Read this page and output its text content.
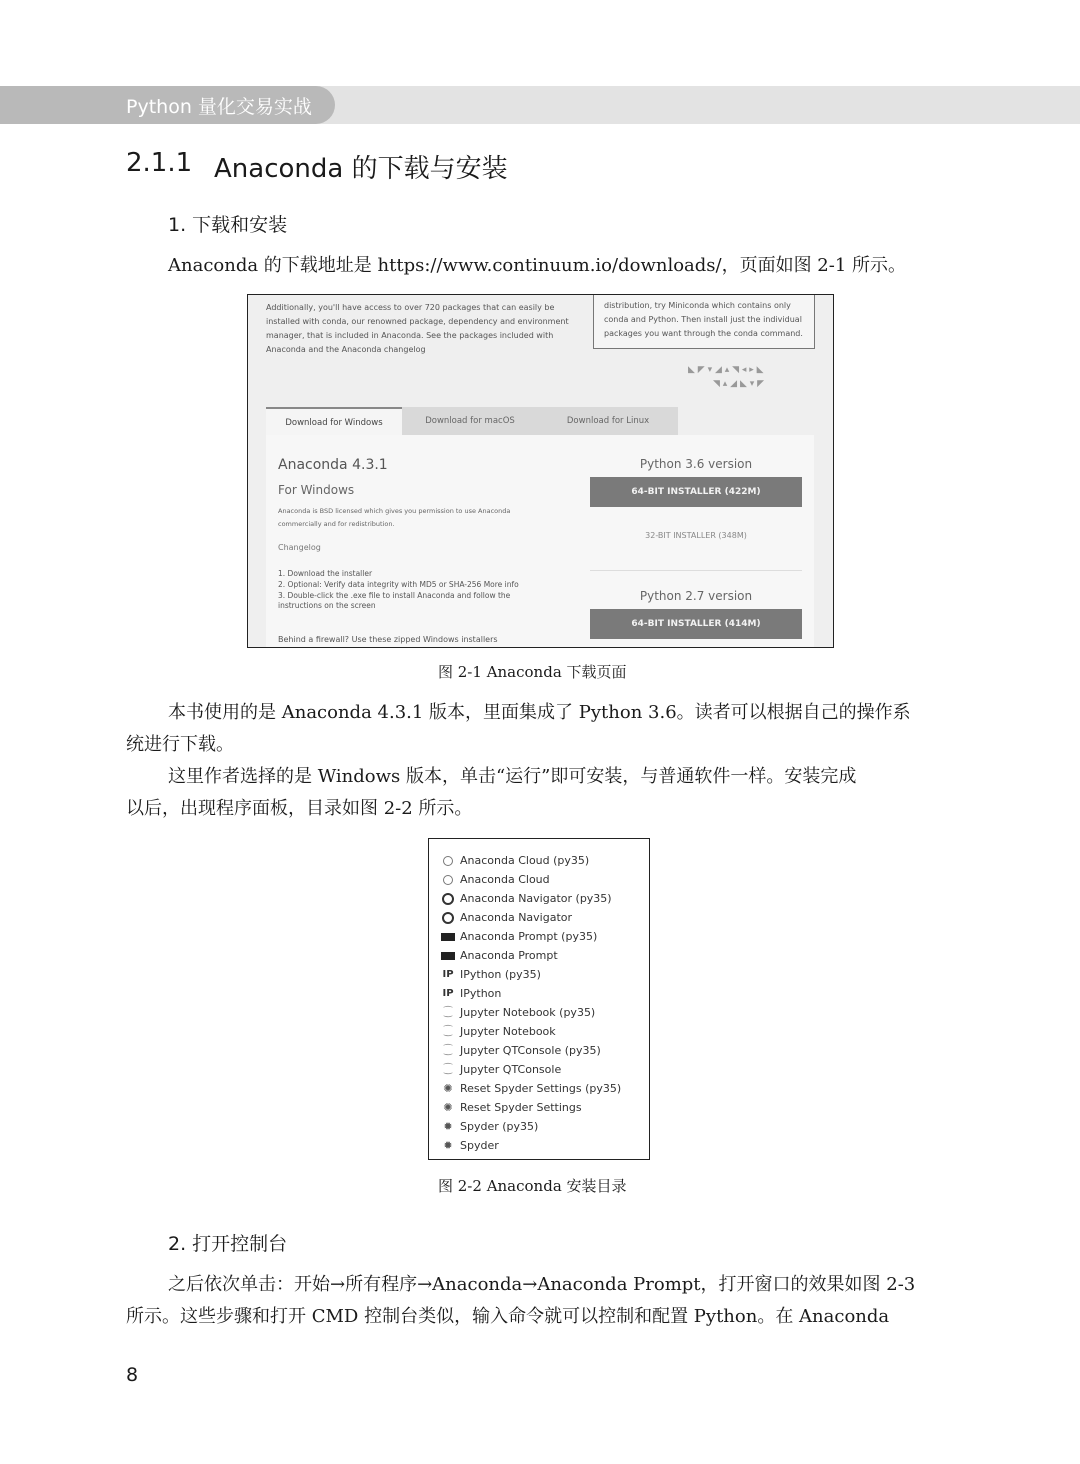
Python 量化交易实战
2.1.1 Anaconda 的下载与安装
1. 下载和安装
Anaconda 的下载地址是 https://www.continuum.io/downloads/，页面如图 2-1 所示。
Additionally, you'll have access to over 720 packages that can easily be installed with conda, our renowned package, dependency and environment manager, that is included in Anaconda. See the packages included with Anaconda and the Anaconda changelog
distribution, try Miniconda which contains only conda and Python. Then install just the individual packages you want through the conda command.
◣ ◤ ▾ ◢ ▴ ◥ ◂ ▸ ◣
◥ ▴ ◢ ◣ ▾ ◤
Download for Windows	Download for macOS	Download for Linux
Anaconda 4.3.1
For Windows
Anaconda is BSD licensed which gives you permission to use Anaconda commercially and for redistribution.
Changelog
1. Download the installer
2. Optional: Verify data integrity with MD5 or SHA-256 More info
3. Double-click the .exe file to install Anaconda and follow the instructions on the screen
Behind a firewall? Use these zipped Windows installers
Python 3.6 version
64-BIT INSTALLER (422M)
32-BIT INSTALLER (348M)
Python 2.7 version
64-BIT INSTALLER (414M)
图 2-1 Anaconda 下载页面
本书使用的是 Anaconda 4.3.1 版本，里面集成了 Python 3.6。读者可以根据自己的操作系
统进行下载。
这里作者选择的是 Windows 版本，单击“运行”即可安装，与普通软件一样。安装完成
以后，出现程序面板，目录如图 2-2 所示。
Anaconda Cloud (py35)
Anaconda Cloud
Anaconda Navigator (py35)
Anaconda Navigator
Anaconda Prompt (py35)
Anaconda Prompt
IP IPython (py35)
IP IPython
⁐ Jupyter Notebook (py35)
⁐ Jupyter Notebook
⁐ Jupyter QTConsole (py35)
⁐ Jupyter QTConsole
✺ Reset Spyder Settings (py35)
✺ Reset Spyder Settings
✹ Spyder (py35)
✹ Spyder
图 2-2 Anaconda 安装目录
2. 打开控制台
之后依次单击：开始→所有程序→Anaconda→Anaconda Prompt，打开窗口的效果如图 2-3
所示。这些步骤和打开 CMD 控制台类似，输入命令就可以控制和配置 Python。在 Anaconda
8
